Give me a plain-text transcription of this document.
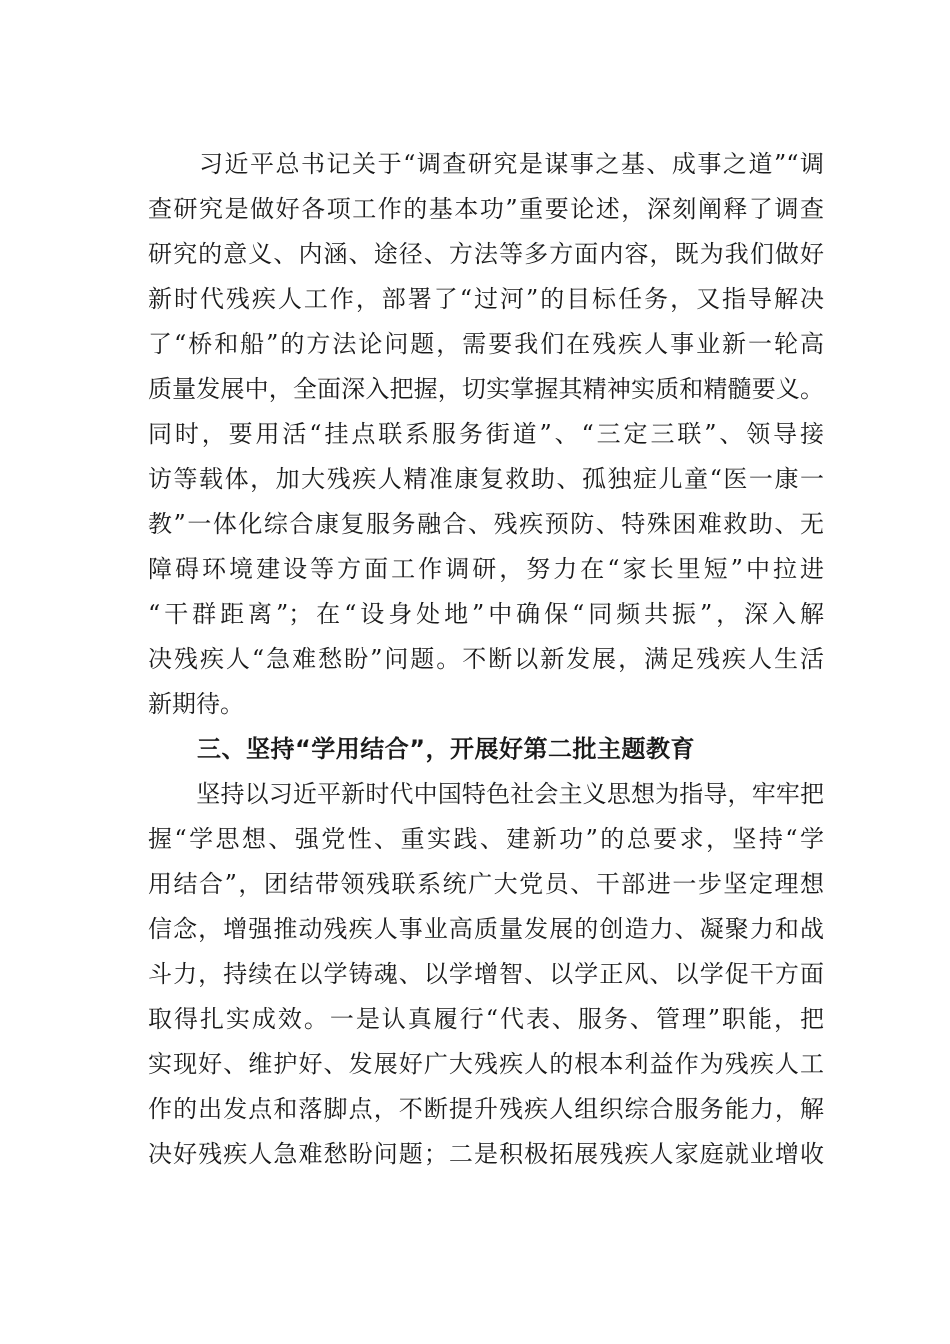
　　习近平总书记关于“调查研究是谋事之基、成事之道”“调
查研究是做好各项工作的基本功”重要论述，深刻阐释了调查
研究的意义、内涵、途径、方法等多方面内容，既为我们做好
新时代残疾人工作，部署了“过河”的目标任务，又指导解决
了“桥和船”的方法论问题，需要我们在残疾人事业新一轮高
质量发展中，全面深入把握，切实掌握其精神实质和精髓要义。
同时，要用活“挂点联系服务街道”、“三定三联”、领导接
访等载体，加大残疾人精准康复救助、孤独症儿童“医一康一
教”一体化综合康复服务融合、残疾预防、特殊困难救助、无
障碍环境建设等方面工作调研，努力在“家长里短”中拉进
“干群距离”；在“设身处地”中确保“同频共振”，深入解
决残疾人“急难愁盼”问题。不断以新发展，满足残疾人生活
新期待。
　　三、坚持“学用结合”，开展好第二批主题教育
　　坚持以习近平新时代中国特色社会主义思想为指导，牢牢把
握“学思想、强党性、重实践、建新功”的总要求，坚持“学
用结合”，团结带领残联系统广大党员、干部进一步坚定理想
信念，增强推动残疾人事业高质量发展的创造力、凝聚力和战
斗力，持续在以学铸魂、以学增智、以学正风、以学促干方面
取得扎实成效。一是认真履行“代表、服务、管理”职能，把
实现好、维护好、发展好广大残疾人的根本利益作为残疾人工
作的出发点和落脚点，不断提升残疾人组织综合服务能力，解
决好残疾人急难愁盼问题；二是积极拓展残疾人家庭就业增收
